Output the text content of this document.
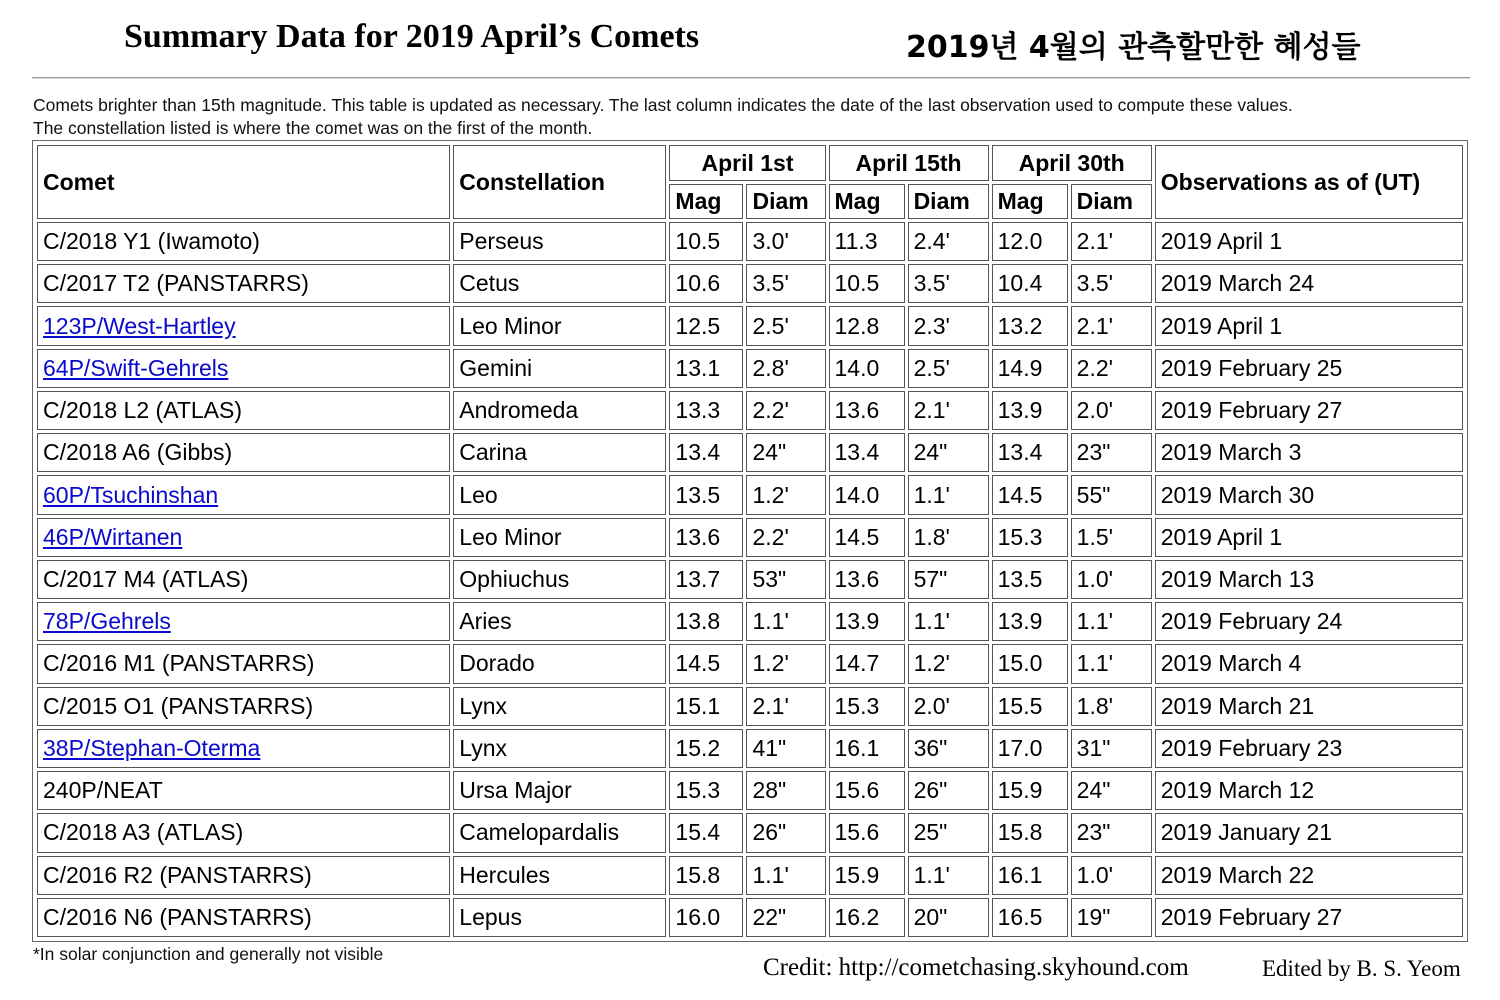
Summary Data for 2019 April’s Comets	2019년 4월의 관측할만한 혜성들
Comets brighter than 15th magnitude. This table is updated as necessary. The last column indicates the date of the last observation used to compute these values.
The constellation listed is where the comet was on the first of the month.
Comet	Constellation	April 1st		April 15th		April 30th		Observations as of (UT)
		Mag	Diam	Mag	Diam	Mag	Diam	
C/2018 Y1 (Iwamoto)	Perseus	10.5	3.0'	11.3	2.4'	12.0	2.1'	2019 April 1
C/2017 T2 (PANSTARRS)	Cetus	10.6	3.5'	10.5	3.5'	10.4	3.5'	2019 March 24
123P/West-Hartley	Leo Minor	12.5	2.5'	12.8	2.3'	13.2	2.1'	2019 April 1
64P/Swift-Gehrels	Gemini	13.1	2.8'	14.0	2.5'	14.9	2.2'	2019 February 25
C/2018 L2 (ATLAS)	Andromeda	13.3	2.2'	13.6	2.1'	13.9	2.0'	2019 February 27
C/2018 A6 (Gibbs)	Carina	13.4	24"	13.4	24"	13.4	23"	2019 March 3
60P/Tsuchinshan	Leo	13.5	1.2'	14.0	1.1'	14.5	55"	2019 March 30
46P/Wirtanen	Leo Minor	13.6	2.2'	14.5	1.8'	15.3	1.5'	2019 April 1
C/2017 M4 (ATLAS)	Ophiuchus	13.7	53"	13.6	57"	13.5	1.0'	2019 March 13
78P/Gehrels	Aries	13.8	1.1'	13.9	1.1'	13.9	1.1'	2019 February 24
C/2016 M1 (PANSTARRS)	Dorado	14.5	1.2'	14.7	1.2'	15.0	1.1'	2019 March 4
C/2015 O1 (PANSTARRS)	Lynx	15.1	2.1'	15.3	2.0'	15.5	1.8'	2019 March 21
38P/Stephan-Oterma	Lynx	15.2	41"	16.1	36"	17.0	31"	2019 February 23
240P/NEAT	Ursa Major	15.3	28"	15.6	26"	15.9	24"	2019 March 12
C/2018 A3 (ATLAS)	Camelopardalis	15.4	26"	15.6	25"	15.8	23"	2019 January 21
C/2016 R2 (PANSTARRS)	Hercules	15.8	1.1'	15.9	1.1'	16.1	1.0'	2019 March 22
C/2016 N6 (PANSTARRS)	Lepus	16.0	22"	16.2	20"	16.5	19"	2019 February 27
*In solar conjunction and generally not visible	Credit: http://cometchasing.skyhound.com	Edited by B. S. Yeom
